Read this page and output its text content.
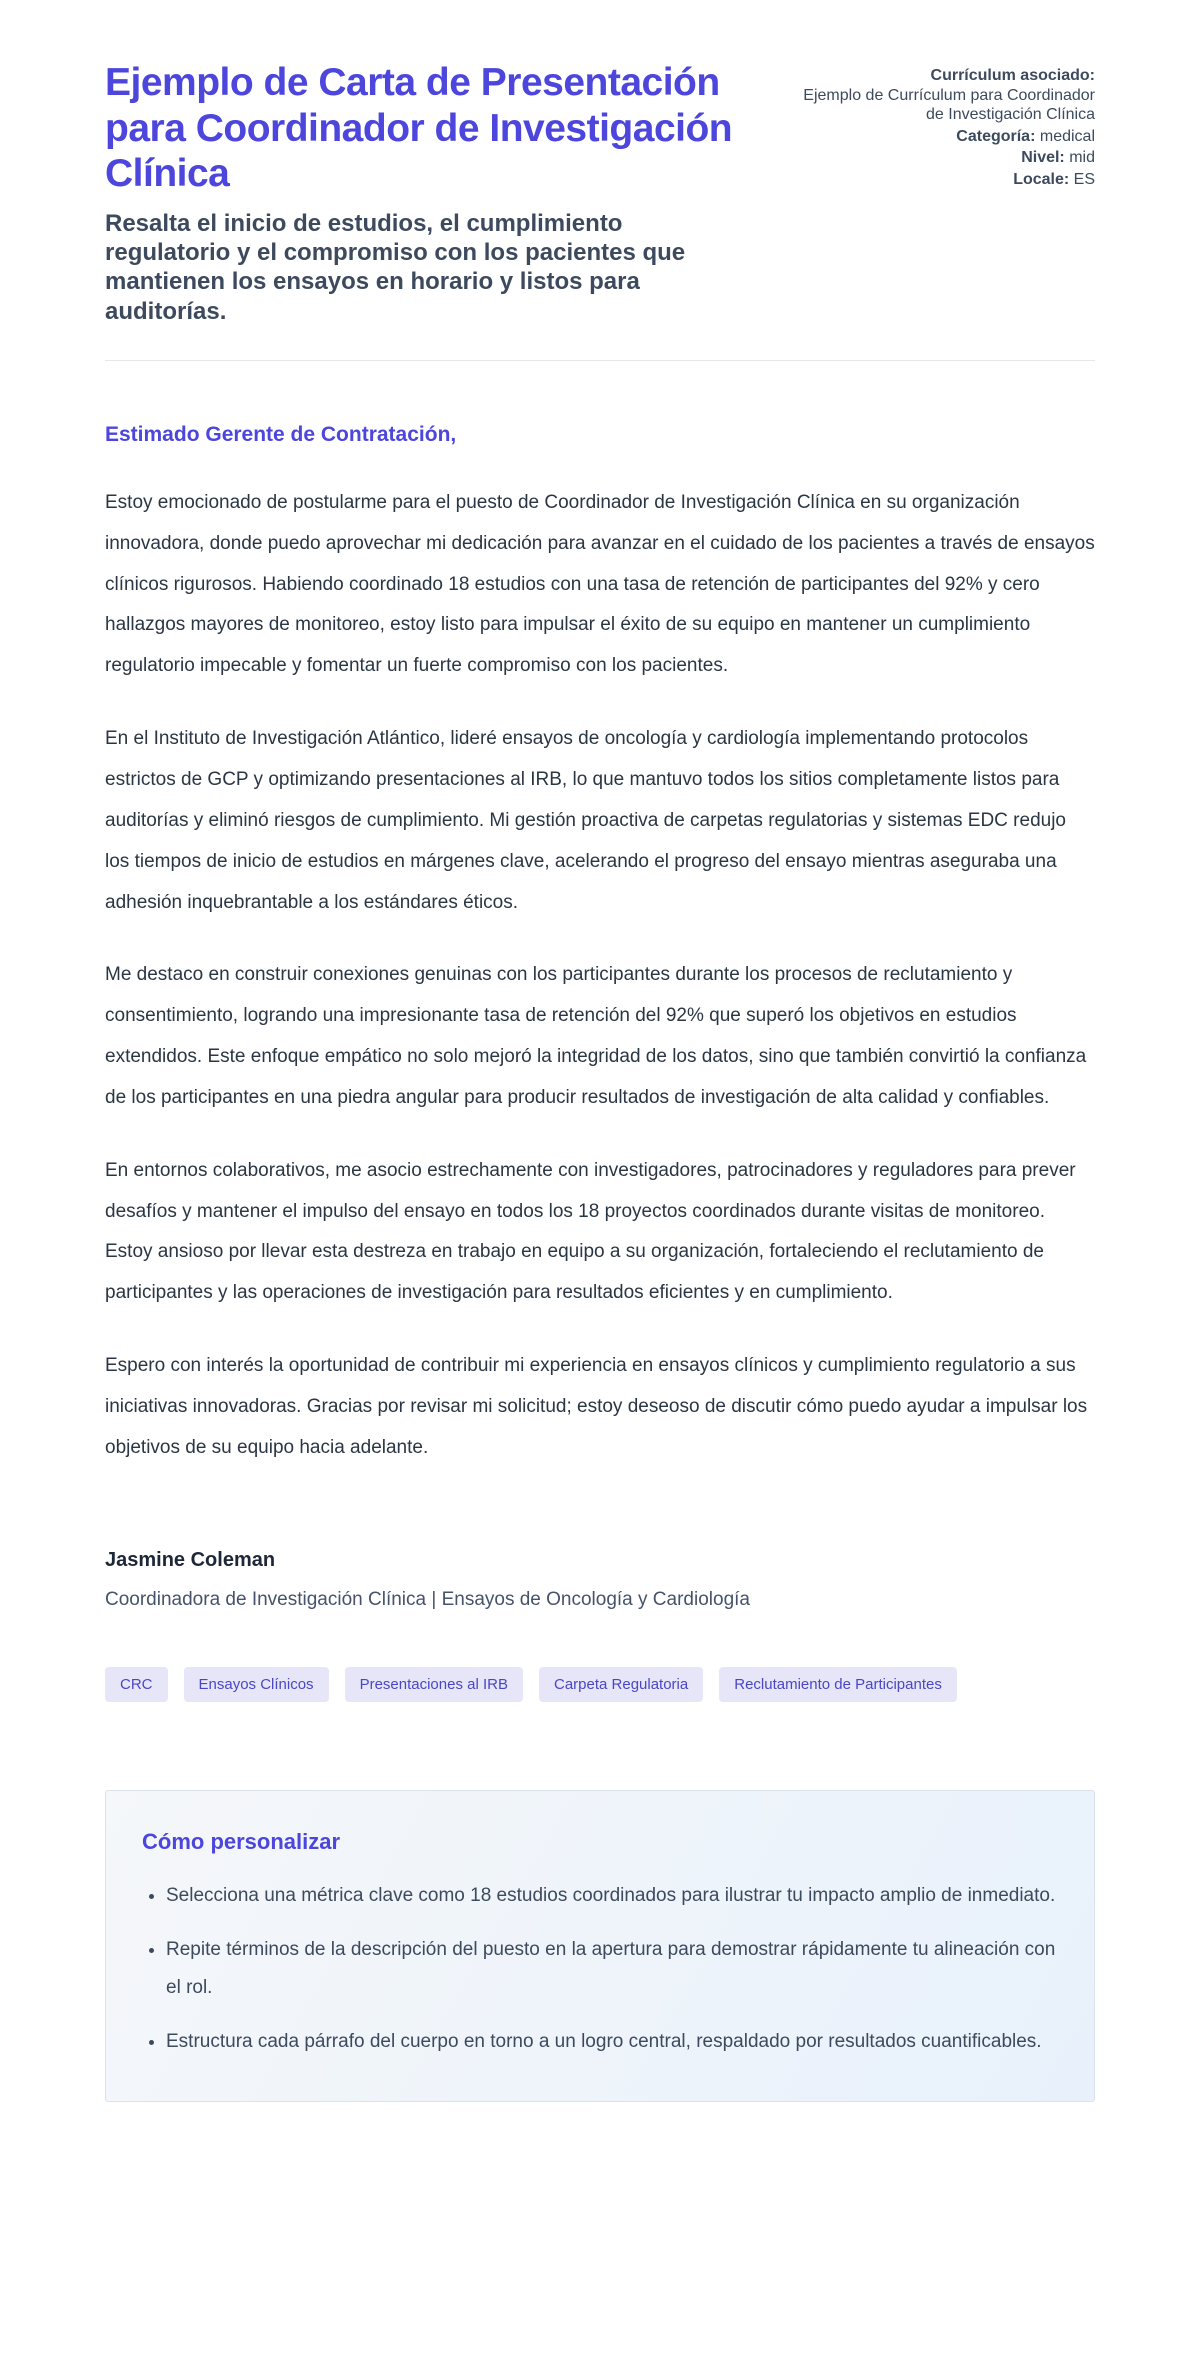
Ejemplo de Carta de Presentación para Coordinador de Investigación Clínica

Resalta el inicio de estudios, el cumplimiento regulatorio y el compromiso con los pacientes que mantienen los ensayos en horario y listos para auditorías.

Currículum asociado:
Ejemplo de Currículum para Coordinador de Investigación Clínica
Categoría: medical
Nivel: mid
Locale: ES
Estimado Gerente de Contratación,

Estoy emocionado de postularme para el puesto de Coordinador de Investigación Clínica en su organización innovadora, donde puedo aprovechar mi dedicación para avanzar en el cuidado de los pacientes a través de ensayos clínicos rigurosos. Habiendo coordinado 18 estudios con una tasa de retención de participantes del 92% y cero hallazgos mayores de monitoreo, estoy listo para impulsar el éxito de su equipo en mantener un cumplimiento regulatorio impecable y fomentar un fuerte compromiso con los pacientes.

En el Instituto de Investigación Atlántico, lideré ensayos de oncología y cardiología implementando protocolos estrictos de GCP y optimizando presentaciones al IRB, lo que mantuvo todos los sitios completamente listos para auditorías y eliminó riesgos de cumplimiento. Mi gestión proactiva de carpetas regulatorias y sistemas EDC redujo los tiempos de inicio de estudios en márgenes clave, acelerando el progreso del ensayo mientras aseguraba una adhesión inquebrantable a los estándares éticos.

Me destaco en construir conexiones genuinas con los participantes durante los procesos de reclutamiento y consentimiento, logrando una impresionante tasa de retención del 92% que superó los objetivos en estudios extendidos. Este enfoque empático no solo mejoró la integridad de los datos, sino que también convirtió la confianza de los participantes en una piedra angular para producir resultados de investigación de alta calidad y confiables.

En entornos colaborativos, me asocio estrechamente con investigadores, patrocinadores y reguladores para prever desafíos y mantener el impulso del ensayo en todos los 18 proyectos coordinados durante visitas de monitoreo. Estoy ansioso por llevar esta destreza en trabajo en equipo a su organización, fortaleciendo el reclutamiento de participantes y las operaciones de investigación para resultados eficientes y en cumplimiento.

Espero con interés la oportunidad de contribuir mi experiencia en ensayos clínicos y cumplimiento regulatorio a sus iniciativas innovadoras. Gracias por revisar mi solicitud; estoy deseoso de discutir cómo puedo ayudar a impulsar los objetivos de su equipo hacia adelante.

Jasmine Coleman

Coordinadora de Investigación Clínica | Ensayos de Oncología y Cardiología

CRC	Ensayos Clínicos	Presentaciones al IRB	Carpeta Regulatoria	Reclutamiento de Participantes
Cómo personalizar
• Selecciona una métrica clave como 18 estudios coordinados para ilustrar tu impacto amplio de inmediato.
• Repite términos de la descripción del puesto en la apertura para demostrar rápidamente tu alineación con el rol.
• Estructura cada párrafo del cuerpo en torno a un logro central, respaldado por resultados cuantificables.
